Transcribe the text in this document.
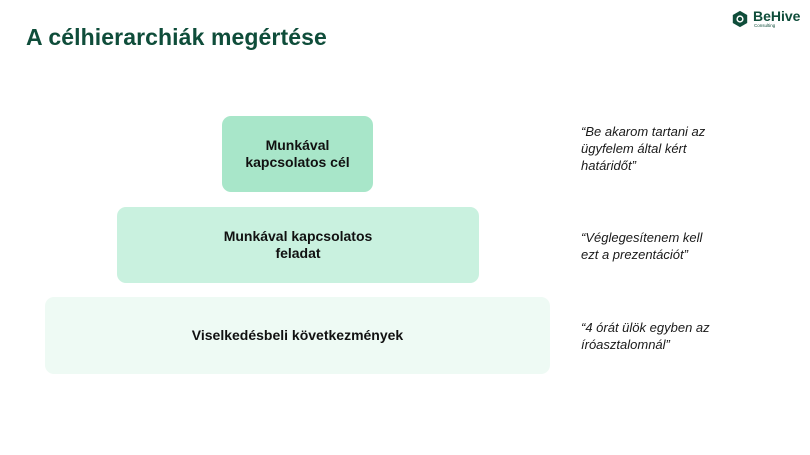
A célhierarchiák megértése
BeHive
Consulting
Munkával
kapcsolatos cél
Munkával kapcsolatos
feladat
Viselkedésbeli következmények
“Be akarom tartani az
ügyfelem által kért
határidőt”
“Véglegesítenem kell
ezt a prezentációt”
“4 órát ülök egyben az
íróasztalomnál”
